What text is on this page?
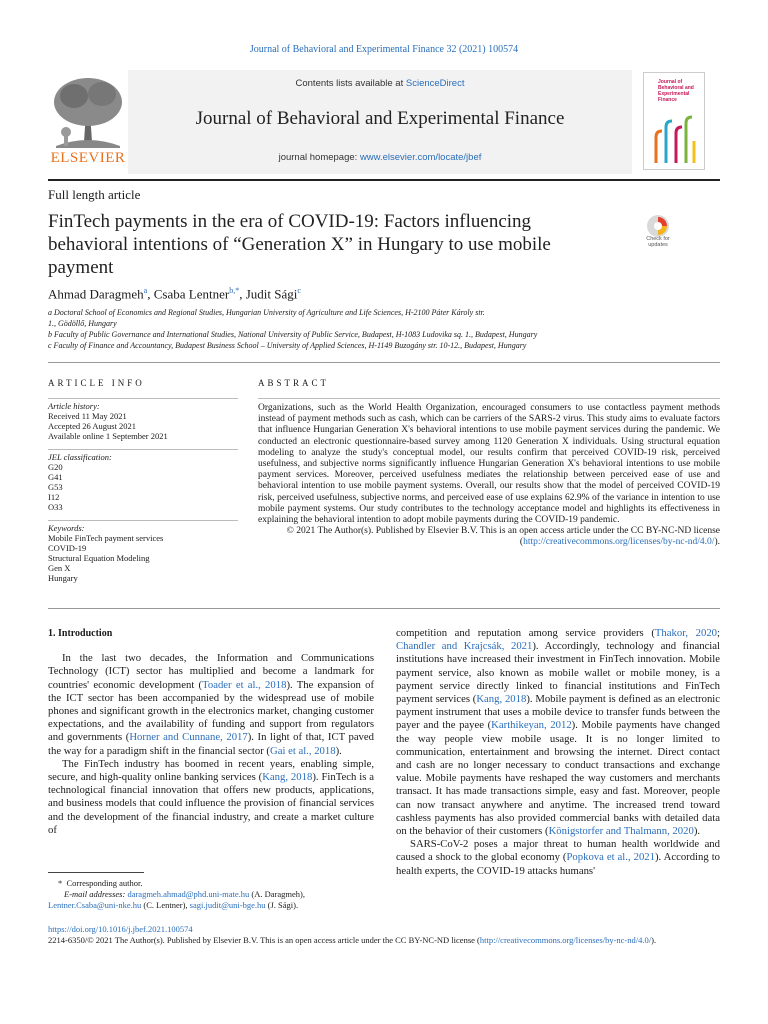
Journal of Behavioral and Experimental Finance 32 (2021) 100574
ELSEVIER
Contents lists available at ScienceDirect
Journal of Behavioral and Experimental Finance
journal homepage: www.elsevier.com/locate/jbef
Journal of Behavioral and Experimental Finance
Full length article
FinTech payments in the era of COVID-19: Factors influencing behavioral intentions of “Generation X” in Hungary to use mobile payment
Check for updates
Ahmad Daragmeh$^a$, Csaba Lentner$^{b,*}$, Judit Sági$^c$
a Doctoral School of Economics and Regional Studies, Hungarian University of Agriculture and Life Sciences, H-2100 Páter Károly str.
1., Gödöllő, Hungary
b Faculty of Public Governance and International Studies, National University of Public Service, Budapest, H-1083 Ludovika sq. 1., Budapest, Hungary
c Faculty of Finance and Accountancy, Budapest Business School – University of Applied Sciences, H-1149 Buzogány str. 10-12., Budapest, Hungary
ARTICLE INFO
Article history:
Received 11 May 2021
Accepted 26 August 2021
Available online 1 September 2021
JEL classification:
G20
G41
G53
I12
O33
Keywords:
Mobile FinTech payment services
COVID-19
Structural Equation Modeling
Gen X
Hungary
ABSTRACT
Organizations, such as the World Health Organization, encouraged consumers to use contactless payment methods instead of payment methods such as cash, which can be carriers of the SARS-2 virus. This study aims to evaluate factors that influence Hungarian Generation X's behavioral intentions to use mobile payment services during the pandemic. We conducted an electronic questionnaire-based survey among 1120 Generation X individuals. Using structural equation modeling to analyze the study's conceptual model, our results confirm that perceived COVID-19 risk, perceived usefulness, and subjective norms significantly influence Hungarian Generation X's behavioral intentions to use mobile payment services. Moreover, perceived usefulness mediates the relationship between perceived ease of use and behavioral intention to use mobile payment systems. Overall, our results show that the model of perceived COVID-19 risk, perceived usefulness, subjective norms, and perceived ease of use explains 62.9% of the variance in intention to use mobile payment systems. Our study contributes to the technology acceptance model and highlights its effectiveness in explaining the behavioral intention to adopt mobile payments during the COVID-19 pandemic.
© 2021 The Author(s). Published by Elsevier B.V. This is an open access article under the CC BY-NC-ND license (http://creativecommons.org/licenses/by-nc-nd/4.0/).
1. Introduction

In the last two decades, the Information and Communications Technology (ICT) sector has multiplied and become a landmark for countries' economic development (Toader et al., 2018). The expansion of the ICT sector has been accompanied by the widespread use of mobile phones and significant growth in the electronics market, changing customer expectations, and the availability of funding and support from regulators and governments (Horner and Cunnane, 2017). In light of that, ICT paved the way for a paradigm shift in the financial sector (Gai et al., 2018).

The FinTech industry has boomed in recent years, enabling simple, secure, and high-quality online banking services (Kang, 2018). FinTech is a technological financial innovation that offers new products, applications, and business models that could influence the provision of financial services and the development of the financial industry, and create a market culture of

competition and reputation among service providers (Thakor, 2020; Chandler and Krajcsák, 2021). Accordingly, technology and financial institutions have increased their investment in FinTech innovation. Mobile payment service, also known as mobile wallet or mobile money, is a payment service directly linked to financial institutions and FinTech payment services (Kang, 2018). Mobile payment is defined as an electronic payment instrument that uses a mobile device to transfer funds between the payer and the payee (Karthikeyan, 2012). Mobile payments have changed the way people view mobile usage. It is no longer limited to communication, entertainment and browsing the internet. Direct contact and cash are no longer necessary to conduct transactions and exchange value. Mobile payments have reshaped the way customers and merchants transact. It has made transactions simple, easy and fast. Moreover, people can now transact anywhere and anytime. The increased trend toward cashless payments has also provided commercial banks with detailed data on the behavior of their customers (Königstorfer and Thalmann, 2020).

SARS-CoV-2 poses a major threat to human health worldwide and caused a shock to the global economy (Popkova et al., 2021). According to health experts, the COVID-19 attacks humans'

* Corresponding author.
E-mail addresses: daragmeh.ahmad@phd.uni-mate.hu (A. Daragmeh),
Lentner.Csaba@uni-nke.hu (C. Lentner), sagi.judit@uni-bge.hu (J. Sági).
https://doi.org/10.1016/j.jbef.2021.100574
2214-6350/© 2021 The Author(s). Published by Elsevier B.V. This is an open access article under the CC BY-NC-ND license (http://creativecommons.org/licenses/by-nc-nd/4.0/).
